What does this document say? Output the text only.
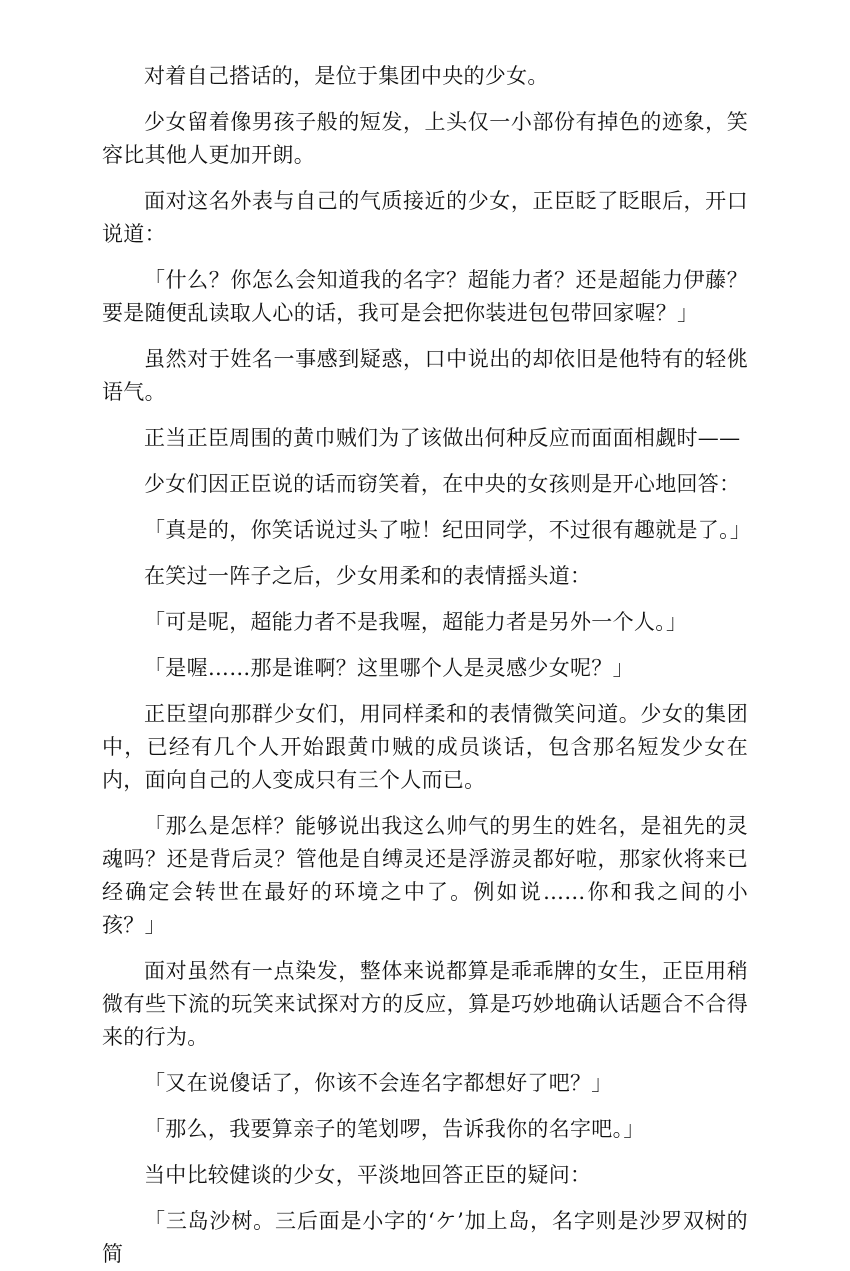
对着自己搭话的，是位于集团中央的少女。

少女留着像男孩子般的短发，上头仅一小部份有掉色的迹象，笑容比其他人更加开朗。

面对这名外表与自己的气质接近的少女，正臣眨了眨眼后，开口说道：

「什么？你怎么会知道我的名字？超能力者？还是超能力伊藤？要是随便乱读取人心的话，我可是会把你装进包包带回家喔？」

虽然对于姓名一事感到疑惑，口中说出的却依旧是他特有的轻佻语气。

正当正臣周围的黄巾贼们为了该做出何种反应而面面相觑时——

少女们因正臣说的话而窃笑着，在中央的女孩则是开心地回答：

「真是的，你笑话说过头了啦！纪田同学，不过很有趣就是了。」

在笑过一阵子之后，少女用柔和的表情摇头道：

「可是呢，超能力者不是我喔，超能力者是另外一个人。」

「是喔……那是谁啊？这里哪个人是灵感少女呢？」

正臣望向那群少女们，用同样柔和的表情微笑问道。少女的集团中，已经有几个人开始跟黄巾贼的成员谈话，包含那名短发少女在内，面向自己的人变成只有三个人而已。

「那么是怎样？能够说出我这么帅气的男生的姓名，是祖先的灵魂吗？还是背后灵？管他是自缚灵还是浮游灵都好啦，那家伙将来已经确定会转世在最好的环境之中了。例如说……你和我之间的小孩？」

面对虽然有一点染发，整体来说都算是乖乖牌的女生，正臣用稍微有些下流的玩笑来试探对方的反应，算是巧妙地确认话题合不合得来的行为。

「又在说傻话了，你该不会连名字都想好了吧？」

「那么，我要算亲子的笔划啰，告诉我你的名字吧。」

当中比较健谈的少女，平淡地回答正臣的疑问：

「三岛沙树。三后面是小字的‘ケ’加上岛，名字则是沙罗双树的简
